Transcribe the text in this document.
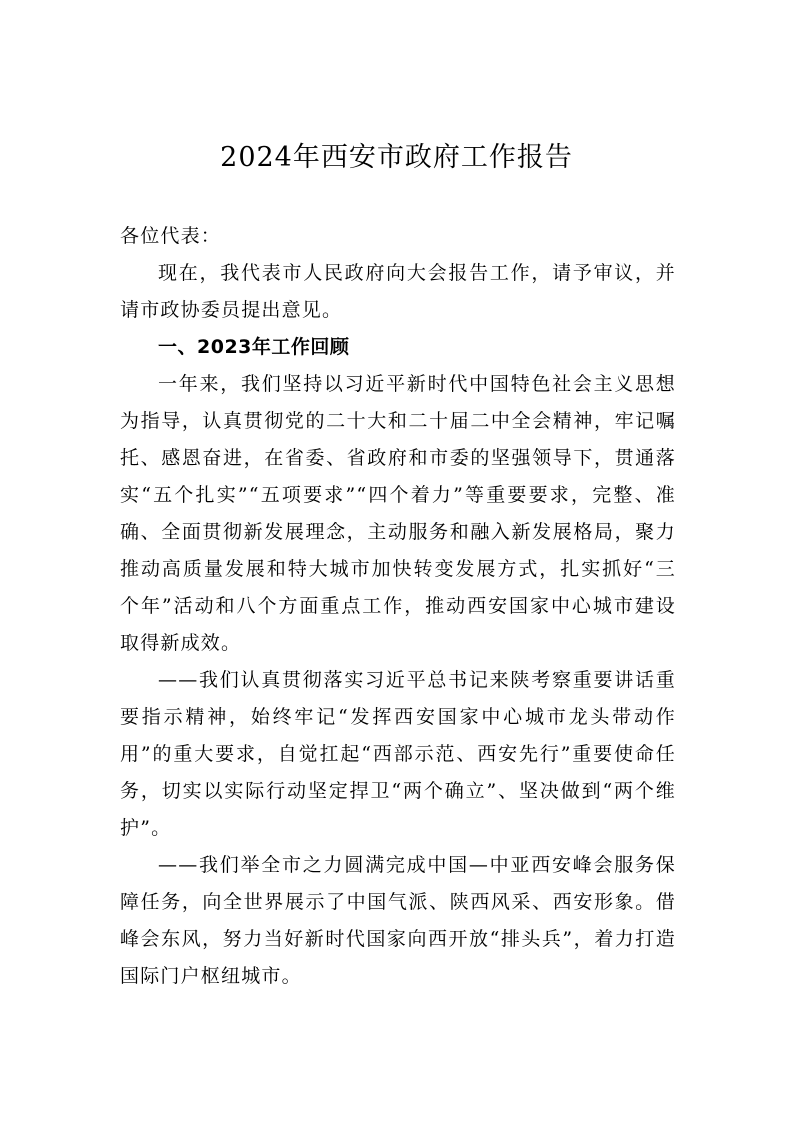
2024年西安市政府工作报告

各位代表：

现在，我代表市人民政府向大会报告工作，请予审议，并请市政协委员提出意见。

一、2023年工作回顾

一年来，我们坚持以习近平新时代中国特色社会主义思想为指导，认真贯彻党的二十大和二十届二中全会精神，牢记嘱托、感恩奋进，在省委、省政府和市委的坚强领导下，贯通落实“五个扎实”“五项要求”“四个着力”等重要要求，完整、准确、全面贯彻新发展理念，主动服务和融入新发展格局，聚力推动高质量发展和特大城市加快转变发展方式，扎实抓好“三个年”活动和八个方面重点工作，推动西安国家中心城市建设取得新成效。

——我们认真贯彻落实习近平总书记来陕考察重要讲话重要指示精神，始终牢记“发挥西安国家中心城市龙头带动作用”的重大要求，自觉扛起“西部示范、西安先行”重要使命任务，切实以实际行动坚定捍卫“两个确立”、坚决做到“两个维护”。

——我们举全市之力圆满完成中国—中亚西安峰会服务保障任务，向全世界展示了中国气派、陕西风采、西安形象。借峰会东风，努力当好新时代国家向西开放“排头兵”，着力打造国际门户枢纽城市。
